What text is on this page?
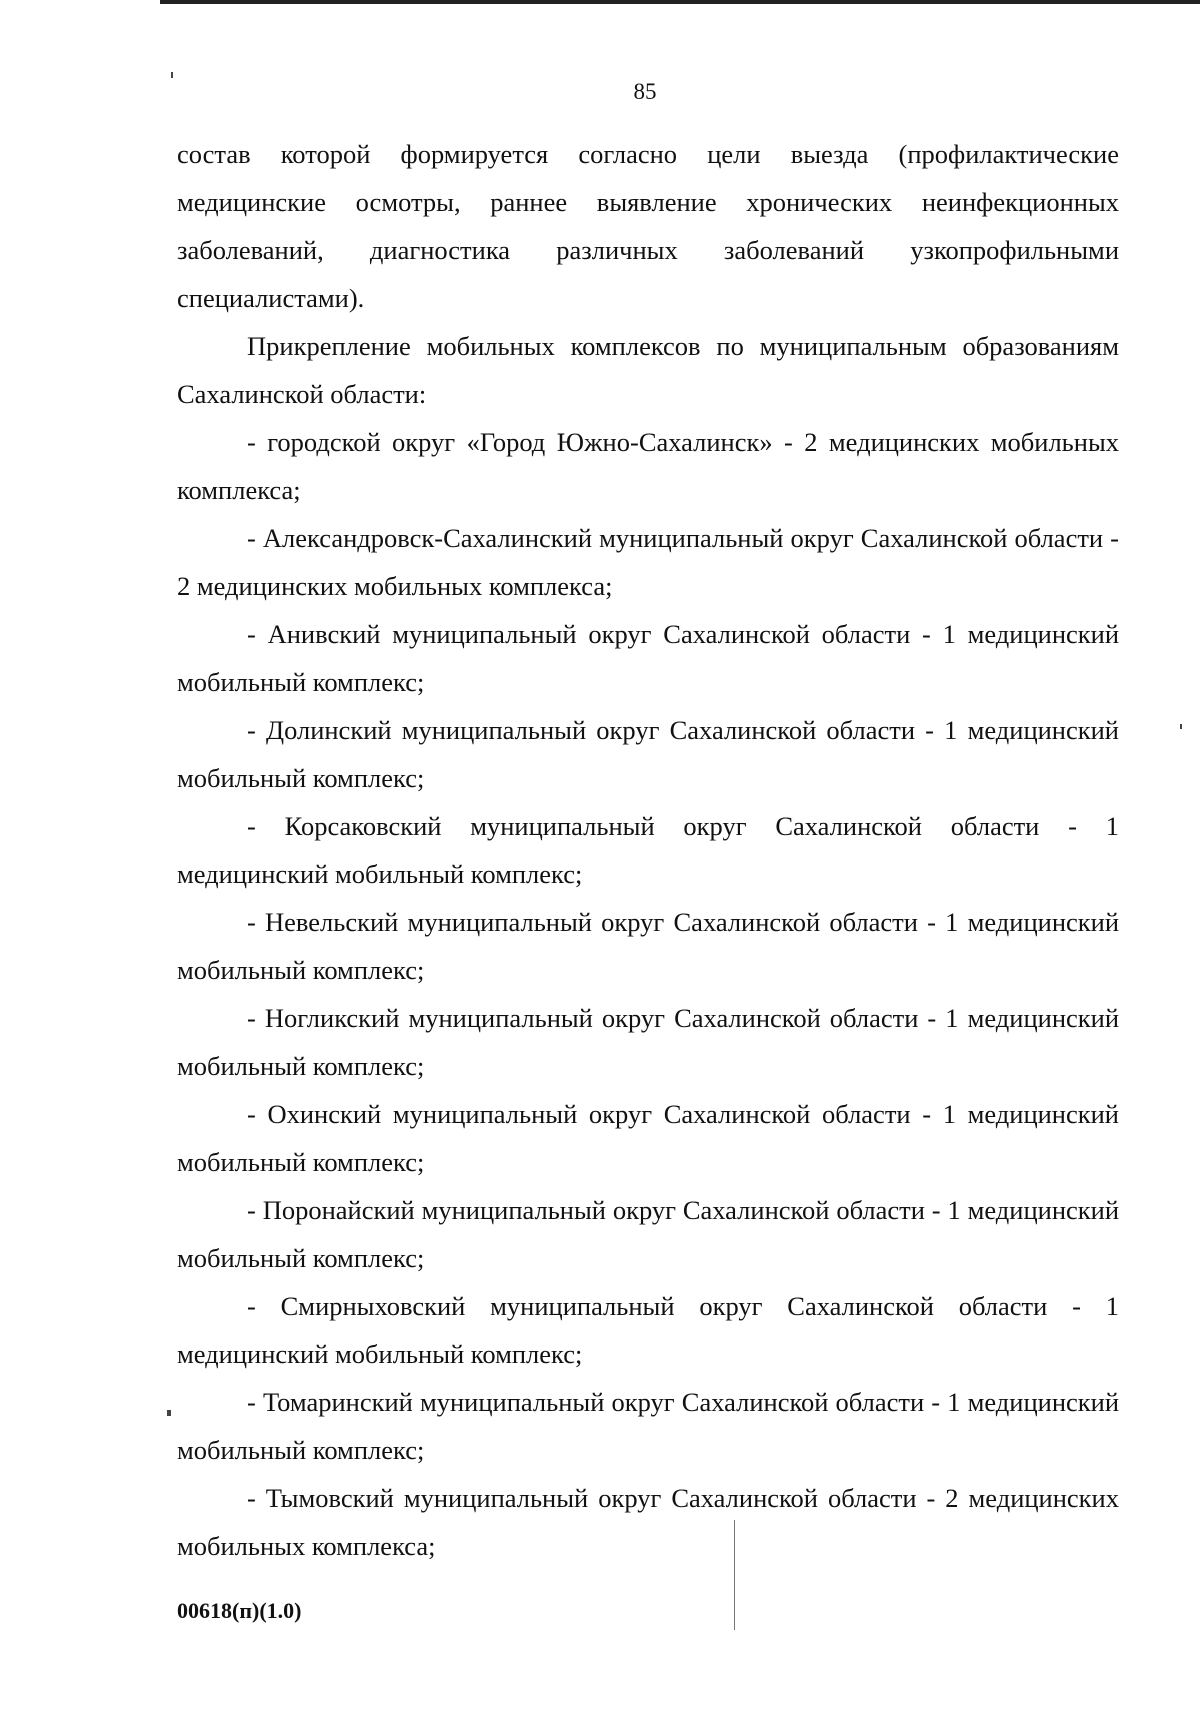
85

состав которой формируется согласно цели выезда (профилактические медицинские осмотры, раннее выявление хронических неинфекционных заболеваний, диагностика различных заболеваний узкопрофильными специалистами).

Прикрепление мобильных комплексов по муниципальным образованиям Сахалинской области:

- городской округ «Город Южно-Сахалинск» - 2 медицинских мобильных комплекса;

- Александровск-Сахалинский муниципальный округ Сахалинской области - 2 медицинских мобильных комплекса;

- Анивский муниципальный округ Сахалинской области - 1 медицинский мобильный комплекс;

- Долинский муниципальный округ Сахалинской области - 1 медицинский мобильный комплекс;

- Корсаковский муниципальный округ Сахалинской области - 1 медицинский мобильный комплекс;

- Невельский муниципальный округ Сахалинской области - 1 медицинский мобильный комплекс;

- Ногликский муниципальный округ Сахалинской области - 1 медицинский мобильный комплекс;

- Охинский муниципальный округ Сахалинской области - 1 медицинский мобильный комплекс;

- Поронайский муниципальный округ Сахалинской области - 1 медицинский мобильный комплекс;

- Смирныховский муниципальный округ Сахалинской области - 1 медицинский мобильный комплекс;

- Томаринский муниципальный округ Сахалинской области - 1 медицинский мобильный комплекс;

- Тымовский муниципальный округ Сахалинской области - 2 медицинских мобильных комплекса;

00618(п)(1.0)
